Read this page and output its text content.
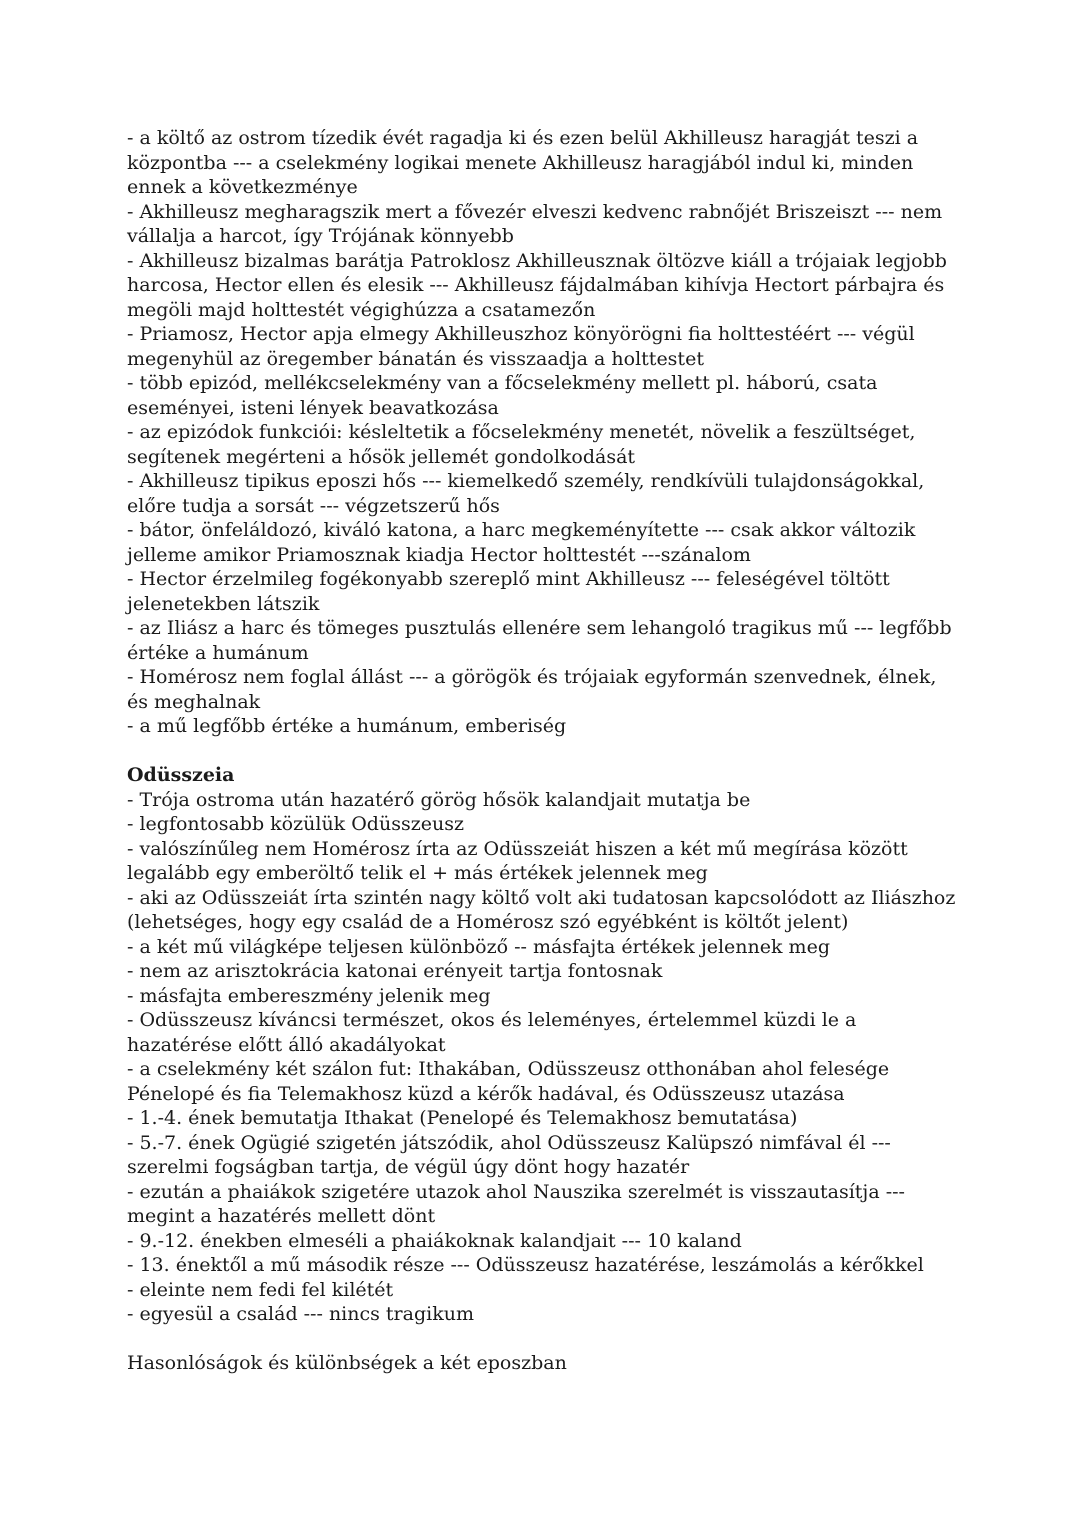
- a költő az ostrom tízedik évét ragadja ki és ezen belül Akhilleusz haragját teszi a központba --- a cselekmény logikai menete Akhilleusz haragjából indul ki, minden ennek a következménye

- Akhilleusz megharagszik mert a fővezér elveszi kedvenc rabnőjét Briszeiszt --- nem vállalja a harcot, így Trójának könnyebb

- Akhilleusz bizalmas barátja Patroklosz Akhilleusznak öltözve kiáll a trójaiak legjobb harcosa, Hector ellen és elesik --- Akhilleusz fájdalmában kihívja Hectort párbajra és megöli majd holttestét végighúzza a csatamezőn

- Priamosz, Hector apja elmegy Akhilleuszhoz könyörögni fia holttestéért --- végül megenyhül az öregember bánatán és visszaadja a holttestet

- több epizód, mellékcselekmény van a főcselekmény mellett pl. háború, csata eseményei, isteni lények beavatkozása

- az epizódok funkciói: késleltetik a főcselekmény menetét, növelik a feszültséget, segítenek megérteni a hősök jellemét gondolkodását

- Akhilleusz tipikus eposzi hős --- kiemelkedő személy, rendkívüli tulajdonságokkal, előre tudja a sorsát --- végzetszerű hős

- bátor, önfeláldozó, kiváló katona, a harc megkeményítette --- csak akkor változik jelleme amikor Priamosznak kiadja Hector holttestét ---szánalom

- Hector érzelmileg fogékonyabb szereplő mint Akhilleusz --- feleségével töltött jelenetekben látszik

- az Iliász a harc és tömeges pusztulás ellenére sem lehangoló tragikus mű --- legfőbb értéke a humánum

- Homérosz nem foglal állást --- a görögök és trójaiak egyformán szenvednek, élnek, és meghalnak

- a mű legfőbb értéke a humánum, emberiség

Odüsszeia

- Trója ostroma után hazatérő görög hősök kalandjait mutatja be

- legfontosabb közülük Odüsszeusz

- valószínűleg nem Homérosz írta az Odüsszeiát hiszen a két mű megírása között legalább egy emberöltő telik el + más értékek jelennek meg

- aki az Odüsszeiát írta szintén nagy költő volt aki tudatosan kapcsolódott az Iliászhoz (lehetséges, hogy egy család de a Homérosz szó egyébként is költőt jelent)

- a két mű világképe teljesen különböző -- másfajta értékek jelennek meg

- nem az arisztokrácia katonai erényeit tartja fontosnak

- másfajta embereszmény jelenik meg

- Odüsszeusz kíváncsi természet, okos és leleményes, értelemmel küzdi le a hazatérése előtt álló akadályokat

- a cselekmény két szálon fut: Ithakában, Odüsszeusz otthonában ahol felesége Pénelopé és fia Telemakhosz küzd a kérők hadával, és Odüsszeusz utazása

- 1.-4. ének bemutatja Ithakat (Penelopé és Telemakhosz bemutatása)

- 5.-7. ének Ogügié szigetén játszódik, ahol Odüsszeusz Kalüpszó nimfával él --- szerelmi fogságban tartja, de végül úgy dönt hogy hazatér

- ezután a phaiákok szigetére utazok ahol Nauszika szerelmét is visszautasítja --- megint a hazatérés mellett dönt

- 9.-12. énekben elmeséli a phaiákoknak kalandjait --- 10 kaland

- 13. énektől a mű második része --- Odüsszeusz hazatérése, leszámolás a kérőkkel

- eleinte nem fedi fel kilétét

- egyesül a család --- nincs tragikum

Hasonlóságok és különbségek a két eposzban
